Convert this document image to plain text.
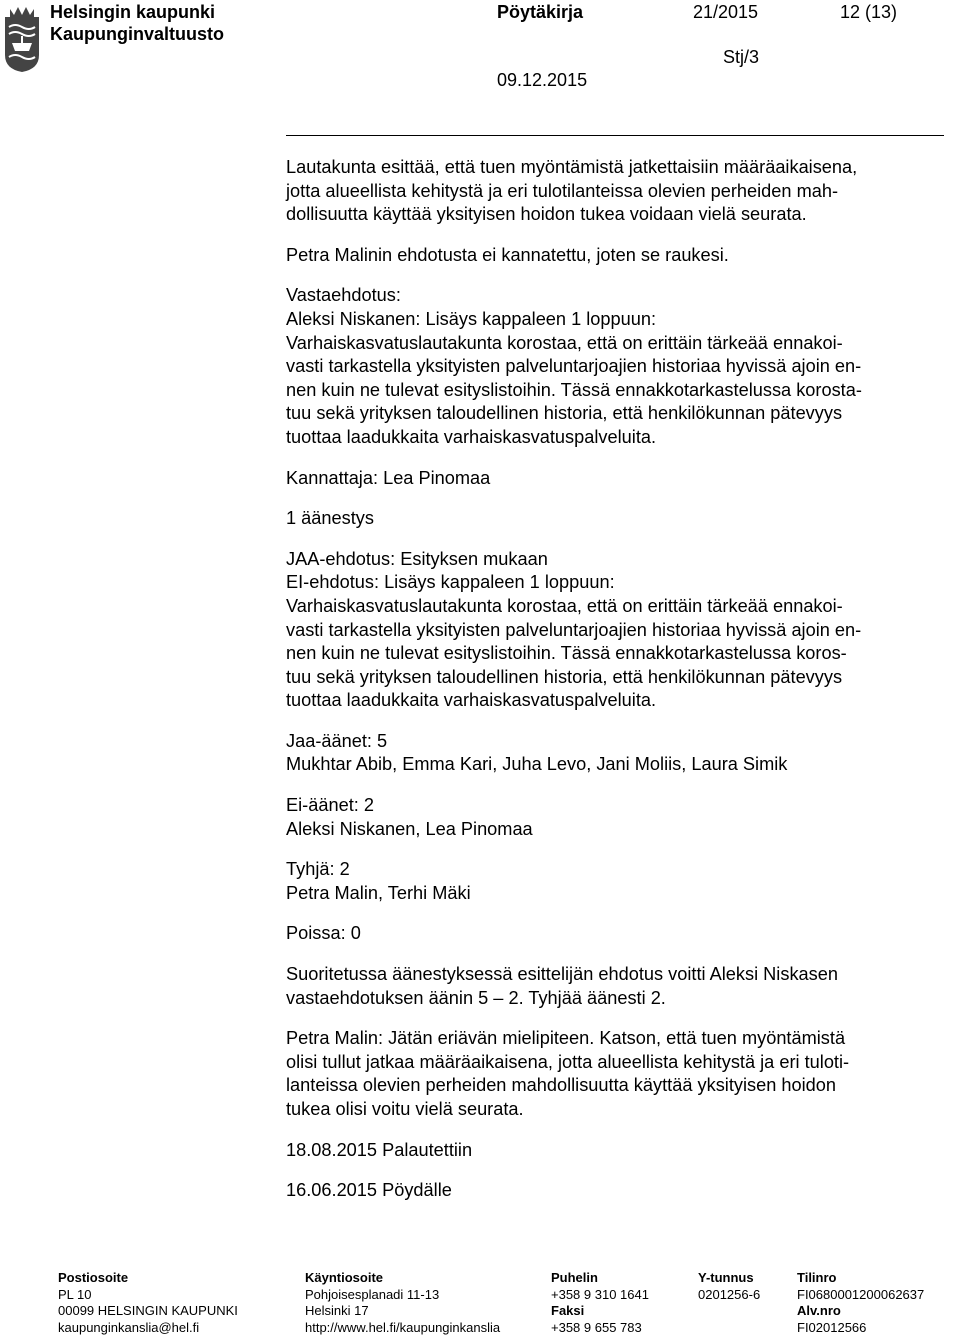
Helsingin kaupunki
Kaupunginvaltuusto
Pöytäkirja	21/2015	12 (13)
Stj/3
09.12.2015

Lautakunta esittää, että tuen myöntämistä jatkettaisiin määräaikaisena,
jotta alueellista kehitystä ja eri tulotilanteissa olevien perheiden mah-
dollisuutta käyttää yksityisen hoidon tukea voidaan vielä seurata.

Petra Malinin ehdotusta ei kannatettu, joten se raukesi.

Vastaehdotus:
Aleksi Niskanen: Lisäys kappaleen 1 loppuun:
Varhaiskasvatuslautakunta korostaa, että on erittäin tärkeää ennakoi-
vasti tarkastella yksityisten palveluntarjoajien historiaa hyvissä ajoin en-
nen kuin ne tulevat esityslistoihin. Tässä ennakkotarkastelussa korosta-
tuu sekä yrityksen taloudellinen historia, että henkilökunnan pätevyys
tuottaa laadukkaita varhaiskasvatuspalveluita.

Kannattaja: Lea Pinomaa

1 äänestys

JAA-ehdotus: Esityksen mukaan
EI-ehdotus: Lisäys kappaleen 1 loppuun:
Varhaiskasvatuslautakunta korostaa, että on erittäin tärkeää ennakoi-
vasti tarkastella yksityisten palveluntarjoajien historiaa hyvissä ajoin en-
nen kuin ne tulevat esityslistoihin. Tässä ennakkotarkastelussa koros-
tuu sekä yrityksen taloudellinen historia, että henkilökunnan pätevyys
tuottaa laadukkaita varhaiskasvatuspalveluita.

Jaa-äänet: 5
Mukhtar Abib, Emma Kari, Juha Levo, Jani Moliis, Laura Simik

Ei-äänet: 2
Aleksi Niskanen, Lea Pinomaa

Tyhjä: 2
Petra Malin, Terhi Mäki

Poissa: 0

Suoritetussa äänestyksessä esittelijän ehdotus voitti Aleksi Niskasen
vastaehdotuksen äänin 5 – 2. Tyhjää äänesti 2.

Petra Malin: Jätän eriävän mielipiteen. Katson, että tuen myöntämistä
olisi tullut jatkaa määräaikaisena, jotta alueellista kehitystä ja eri tuloti-
lanteissa olevien perheiden mahdollisuutta käyttää yksityisen hoidon
tukea olisi voitu vielä seurata.

18.08.2015 Palautettiin

16.06.2015 Pöydälle

Postiosoite
PL 10
00099 HELSINGIN KAUPUNKI
kaupunginkanslia@hel.fi
Käyntiosoite
Pohjoisesplanadi 11-13
Helsinki 17
http://www.hel.fi/kaupunginkanslia
Puhelin
+358 9 310 1641
Faksi
+358 9 655 783
Y-tunnus
0201256-6
Tilinro
FI0680001200062637
Alv.nro
FI02012566
